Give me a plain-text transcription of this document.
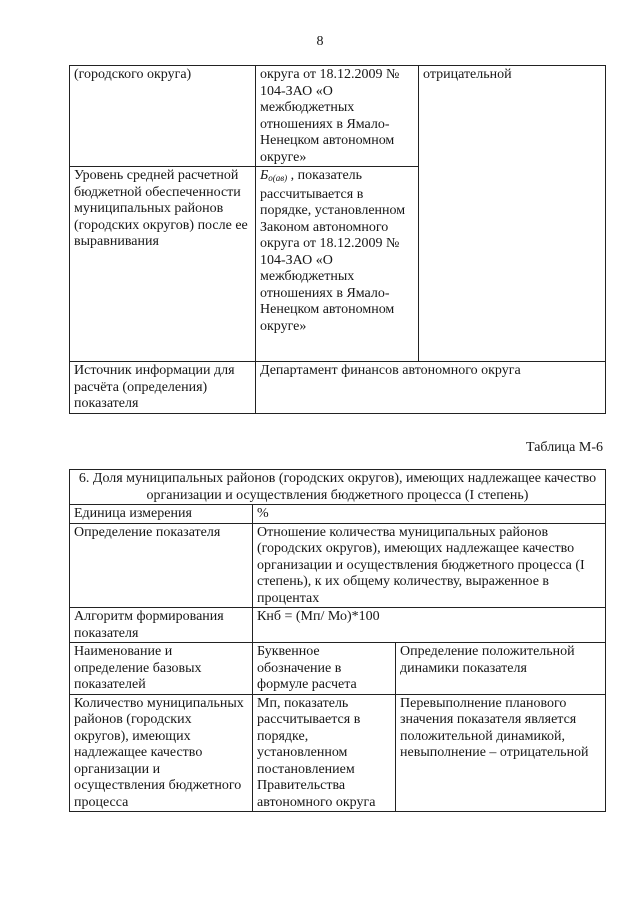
8
(городского округа)	округа от 18.12.2009 № 104-ЗАО «О межбюджетных отношениях в Ямало-Ненецком автономном округе»	отрицательной
Уровень средней расчетной бюджетной обеспеченности муниципальных районов (городских округов) после ее выравнивания	$Б_{o(ав)}$ , показатель рассчитывается в порядке, установленном Законом автономного округа от 18.12.2009 № 104-ЗАО «О межбюджетных отношениях в Ямало-Ненецком автономном округе»	
Источник информации для расчёта (определения) показателя	Департамент финансов автономного округа	
Таблица М-6
6. Доля муниципальных районов (городских округов), имеющих надлежащее качество организации и осуществления бюджетного процесса (I степень)		
Единица измерения	%	
Определение показателя	Отношение количества муниципальных районов (городских округов), имеющих надлежащее качество организации и осуществления бюджетного процесса (I степень), к их общему количеству, выраженное в процентах	
Алгоритм формирования показателя	Кнб = (Мп/ Мо)*100	
Наименование и определение базовых показателей	Буквенное обозначение в формуле расчета	Определение положительной динамики показателя
Количество муниципальных районов (городских округов), имеющих надлежащее качество организации и осуществления бюджетного процесса	Мп, показатель рассчитывается в порядке, установленном постановлением Правительства автономного округа	Перевыполнение планового значения показателя является положительной динамикой, невыполнение – отрицательной
